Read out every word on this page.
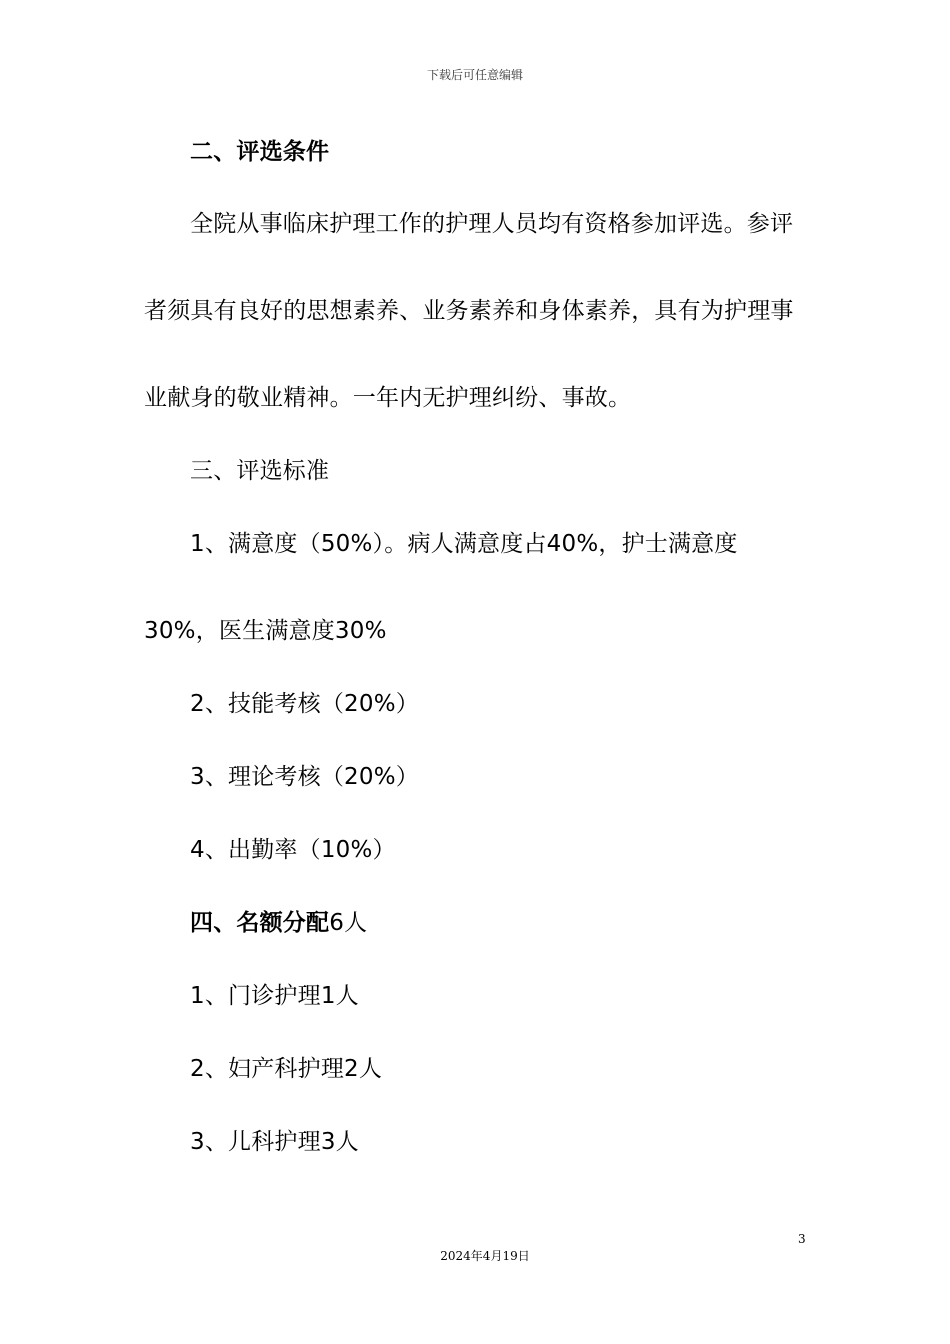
下载后可任意编辑
二、评选条件
全院从事临床护理工作的护理人员均有资格参加评选。参评
者须具有良好的思想素养、业务素养和身体素养，具有为护理事
业献身的敬业精神。一年内无护理纠纷、事故。
三、评选标准
1、满意度（50%）。病人满意度占40%，护士满意度
30%，医生满意度30%
2、技能考核（20%）
3、理论考核（20%）
4、出勤率（10%）
四、名额分配6人
1、门诊护理1人
2、妇产科护理2人
3、儿科护理3人
3
2024年4月19日
